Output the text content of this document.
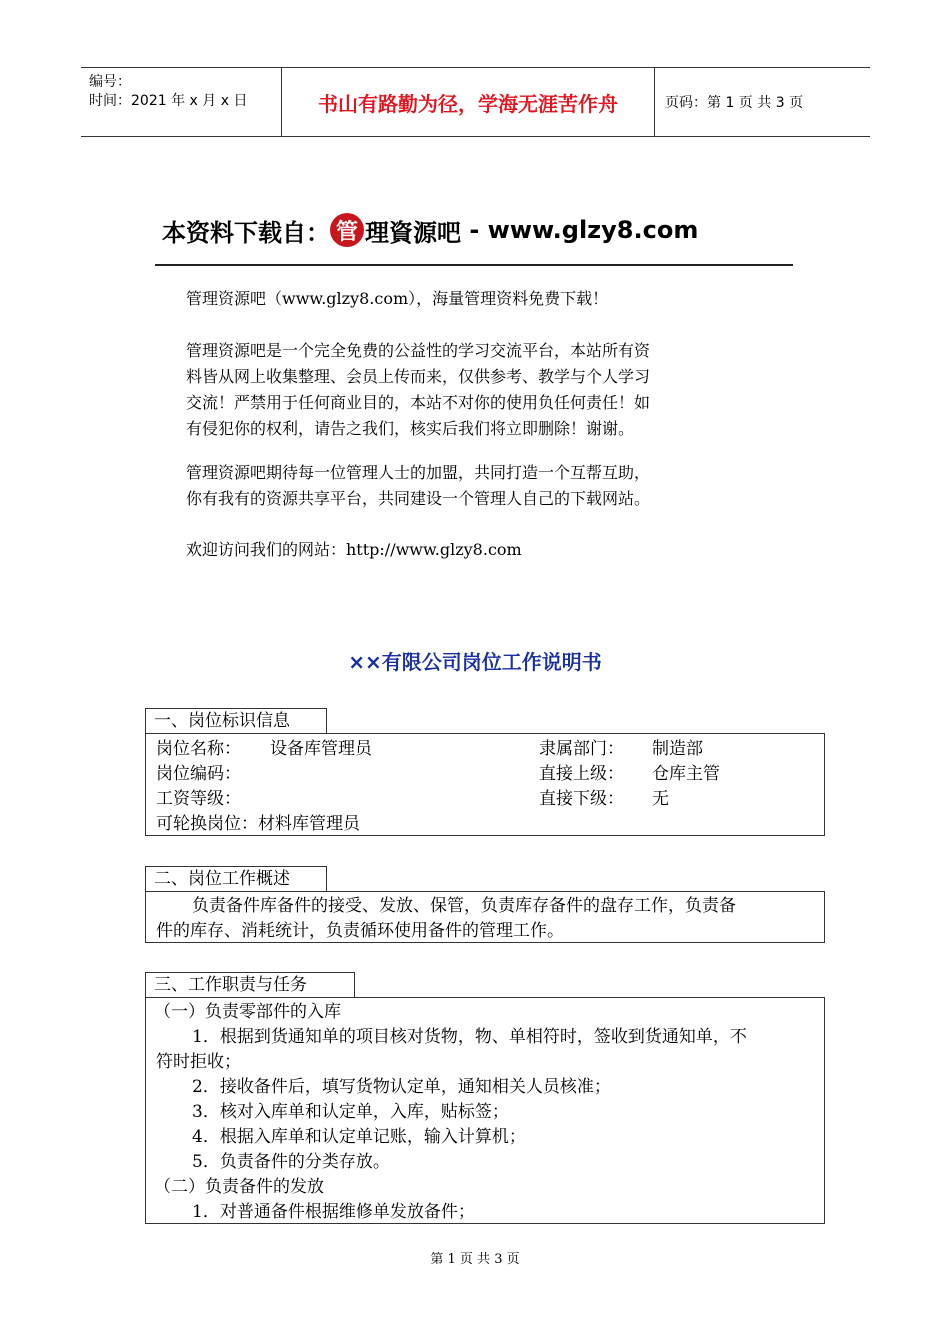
编号：
时间：2021 年 x 月 x 日	书山有路勤为径，学海无涯苦作舟	页码：第 1 页 共 3 页
本资料下载自： 管 理資源吧 - www.glzy8.com
管理资源吧（www.glzy8.com），海量管理资料免费下载！
管理资源吧是一个完全免费的公益性的学习交流平台，本站所有资
料皆从网上收集整理、会员上传而来，仅供参考、教学与个人学习
交流！严禁用于任何商业目的，本站不对你的使用负任何责任！如
有侵犯你的权利，请告之我们，核实后我们将立即删除！谢谢。
管理资源吧期待每一位管理人士的加盟，共同打造一个互帮互助，
你有我有的资源共享平台，共同建设一个管理人自己的下载网站。
欢迎访问我们的网站：http://www.glzy8.com
××有限公司岗位工作说明书
一、岗位标识信息
岗位名称： 设备库管理员	隶属部门： 制造部
岗位编码：	直接上级： 仓库主管
工资等级：	直接下级： 无
可轮换岗位：材料库管理员
二、岗位工作概述
负责备件库备件的接受、发放、保管，负责库存备件的盘存工作，负责备
件的库存、消耗统计，负责循环使用备件的管理工作。
三、工作职责与任务
（一）负责零部件的入库
1．根据到货通知单的项目核对货物，物、单相符时，签收到货通知单，不
符时拒收；
2．接收备件后，填写货物认定单，通知相关人员核准；
3．核对入库单和认定单，入库，贴标签；
4．根据入库单和认定单记账，输入计算机；
5．负责备件的分类存放。
（二）负责备件的发放
1．对普通备件根据维修单发放备件；
第 1 页 共 3 页
